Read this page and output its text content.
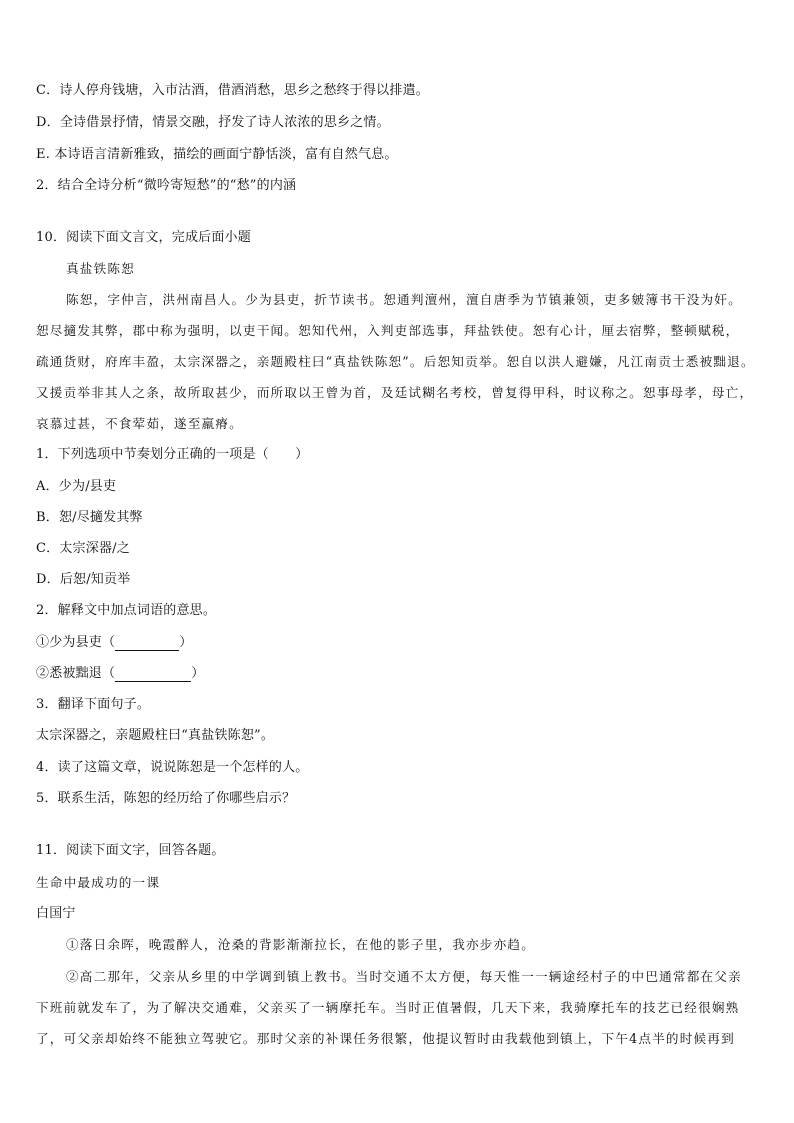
C．诗人停舟钱塘，入市沽酒，借酒消愁，思乡之愁终于得以排遣。
D．全诗借景抒情，情景交融，抒发了诗人浓浓的思乡之情。
E. 本诗语言清新雅致，描绘的画面宁静恬淡，富有自然气息。
2．结合全诗分析“微吟寄短愁”的“愁”的内涵
10．阅读下面文言文，完成后面小题
真盐铁陈恕
陈恕，字仲言，洪州南昌人。少为县吏，折节读书。恕通判澶州，澶自唐季为节镇兼领，吏多皴簿书干没为奸。
恕尽擿发其弊，郡中称为强明，以吏干闻。恕知代州，入判吏部选事，拜盐铁使。恕有心计，厘去宿弊，整顿赋税，
疏通货财，府库丰盈，太宗深器之，亲题殿柱曰“真盐铁陈恕”。后恕知贡举。恕自以洪人避嫌，凡江南贡士悉被黜退。
又援贡举非其人之条，故所取甚少，而所取以王曾为首，及廷试糊名考校，曾复得甲科，时议称之。恕事母孝，母亡，
哀慕过甚，不食荤茹，遂至羸瘠。
1．下列选项中节奏划分正确的一项是（　　）
A．少为/县吏
B．恕/尽擿发其弊
C．太宗深器/之
D．后恕/知贡举
2．解释文中加点词语的意思。
①少为县吏（	）
②悉被黜退（	）
3．翻译下面句子。
太宗深器之，亲题殿柱曰“真盐铁陈恕”。
4．读了这篇文章，说说陈恕是一个怎样的人。
5．联系生活，陈恕的经历给了你哪些启示？
11．阅读下面文字，回答各题。
生命中最成功的一课
白国宁
①落日余晖，晚霞醉人，沧桑的背影渐渐拉长，在他的影子里，我亦步亦趋。
②高二那年，父亲从乡里的中学调到镇上教书。当时交通不太方便，每天惟一一辆途经村子的中巴通常都在父亲
下班前就发车了，为了解决交通难，父亲买了一辆摩托车。当时正值暑假，几天下来，我骑摩托车的技艺已经很娴熟
了，可父亲却始终不能独立驾驶它。那时父亲的补课任务很繁，他提议暂时由我载他到镇上，下午4点半的时候再到
